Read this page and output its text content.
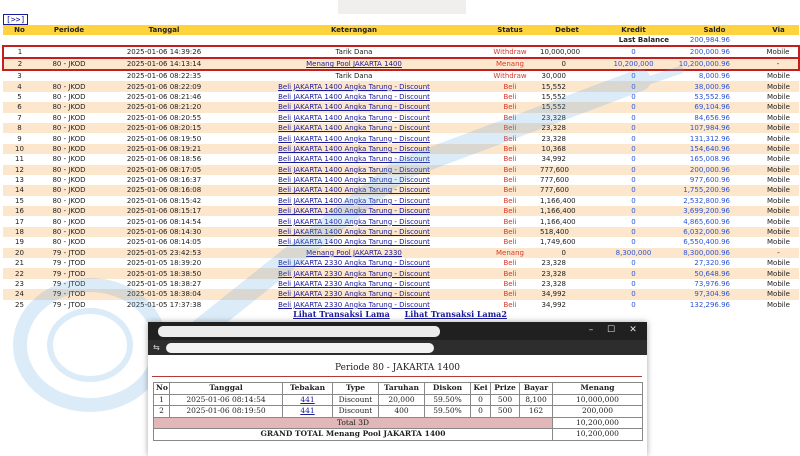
[>>]
No	Periode	Tanggal	Keterangan	Status	Debet	Kredit	Saldo	Via
Last Balance							200,984.96	
1		2025-01-06 14:39:26	Tarik Dana	Withdraw	10,000,000	0	200,000.96	Mobile
2	80 - JKOD	2025-01-06 14:13:14	Menang Pool JAKARTA 1400	Menang	0	10,200,000	10,200,000.96	-
3		2025-01-06 08:22:35	Tarik Dana	Withdraw	30,000	0	8,000.96	Mobile
4	80 - JKOD	2025-01-06 08:22:09	Beli JAKARTA 1400 Angka Tarung - Discount	Beli	15,552	0	38,000.96	Mobile
5	80 - JKOD	2025-01-06 08:21:46	Beli JAKARTA 1400 Angka Tarung - Discount	Beli	15,552	0	53,552.96	Mobile
6	80 - JKOD	2025-01-06 08:21:20	Beli JAKARTA 1400 Angka Tarung - Discount	Beli	15,552	0	69,104.96	Mobile
7	80 - JKOD	2025-01-06 08:20:55	Beli JAKARTA 1400 Angka Tarung - Discount	Beli	23,328	0	84,656.96	Mobile
8	80 - JKOD	2025-01-06 08:20:15	Beli JAKARTA 1400 Angka Tarung - Discount	Beli	23,328	0	107,984.96	Mobile
9	80 - JKOD	2025-01-06 08:19:50	Beli JAKARTA 1400 Angka Tarung - Discount	Beli	23,328	0	131,312.96	Mobile
10	80 - JKOD	2025-01-06 08:19:21	Beli JAKARTA 1400 Angka Tarung - Discount	Beli	10,368	0	154,640.96	Mobile
11	80 - JKOD	2025-01-06 08:18:56	Beli JAKARTA 1400 Angka Tarung - Discount	Beli	34,992	0	165,008.96	Mobile
12	80 - JKOD	2025-01-06 08:17:05	Beli JAKARTA 1400 Angka Tarung - Discount	Beli	777,600	0	200,000.96	Mobile
13	80 - JKOD	2025-01-06 08:16:37	Beli JAKARTA 1400 Angka Tarung - Discount	Beli	777,600	0	977,600.96	Mobile
14	80 - JKOD	2025-01-06 08:16:08	Beli JAKARTA 1400 Angka Tarung - Discount	Beli	777,600	0	1,755,200.96	Mobile
15	80 - JKOD	2025-01-06 08:15:42	Beli JAKARTA 1400 Angka Tarung - Discount	Beli	1,166,400	0	2,532,800.96	Mobile
16	80 - JKOD	2025-01-06 08:15:17	Beli JAKARTA 1400 Angka Tarung - Discount	Beli	1,166,400	0	3,699,200.96	Mobile
17	80 - JKOD	2025-01-06 08:14:54	Beli JAKARTA 1400 Angka Tarung - Discount	Beli	1,166,400	0	4,865,600.96	Mobile
18	80 - JKOD	2025-01-06 08:14:30	Beli JAKARTA 1400 Angka Tarung - Discount	Beli	518,400	0	6,032,000.96	Mobile
19	80 - JKOD	2025-01-06 08:14:05	Beli JAKARTA 1400 Angka Tarung - Discount	Beli	1,749,600	0	6,550,400.96	Mobile
20	79 - JTOD	2025-01-05 23:42:53	Menang Pool JAKARTA 2330	Menang	0	8,300,000	8,300,000.96	-
21	79 - JTOD	2025-01-05 18:39:20	Beli JAKARTA 2330 Angka Tarung - Discount	Beli	23,328	0	27,320.96	Mobile
22	79 - JTOD	2025-01-05 18:38:50	Beli JAKARTA 2330 Angka Tarung - Discount	Beli	23,328	0	50,648.96	Mobile
23	79 - JTOD	2025-01-05 18:38:27	Beli JAKARTA 2330 Angka Tarung - Discount	Beli	23,328	0	73,976.96	Mobile
24	79 - JTOD	2025-01-05 18:38:04	Beli JAKARTA 2330 Angka Tarung - Discount	Beli	34,992	0	97,304.96	Mobile
25	79 - JTOD	2025-01-05 17:37:38	Beli JAKARTA 2330 Angka Tarung - Discount	Beli	34,992	0	132,296.96	Mobile
Lihat Transaksi Lama Lihat Transaksi Lama2
–	☐	✕
⇆
Periode 80 - JAKARTA 1400
No	Tanggal	Tebakan	Type	Taruhan	Diskon	Kei	Prize	Bayar	Menang
1	2025-01-06 08:14:54	441	Discount	20,000	59.50%	0	500	8,100	10,000,000
2	2025-01-06 08:19:50	441	Discount	400	59.50%	0	500	162	200,000
Total 3D									10,200,000
GRAND TOTAL Menang Pool JAKARTA 1400									10,200,000
